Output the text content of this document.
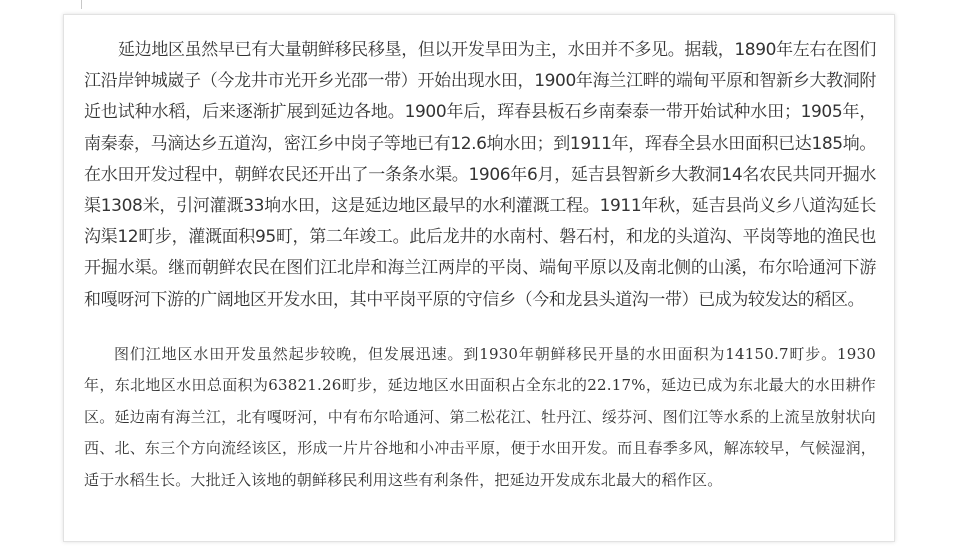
延边地区虽然早已有大量朝鲜移民移垦，但以开发旱田为主，水田并不多见。据载，1890年左右在图们江沿岸钟城崴子（今龙井市光开乡光邵一带）开始出现水田，1900年海兰江畔的端甸平原和智新乡大教洞附近也试种水稻，后来逐渐扩展到延边各地。1900年后，珲春县板石乡南秦泰一带开始试种水田；1905年，南秦泰，马滴达乡五道沟，密江乡中岗子等地已有12.6垧水田；到1911年，珲春全县水田面积已达185垧。在水田开发过程中，朝鲜农民还开出了一条条水渠。1906年6月，延吉县智新乡大教洞14名农民共同开掘水渠1308米，引河灌溉33垧水田，这是延边地区最早的水利灌溉工程。1911年秋，延吉县尚义乡八道沟延长沟渠12町步，灌溉面积95町，第二年竣工。此后龙井的水南村、磐石村，和龙的头道沟、平岗等地的渔民也开掘水渠。继而朝鲜农民在图们江北岸和海兰江两岸的平岗、端甸平原以及南北侧的山溪，布尔哈通河下游和嘎呀河下游的广阔地区开发水田，其中平岗平原的守信乡（今和龙县头道沟一带）已成为较发达的稻区。

图们江地区水田开发虽然起步较晚，但发展迅速。到1930年朝鲜移民开垦的水田面积为14150.7町步。1930年，东北地区水田总面积为63821.26町步，延边地区水田面积占全东北的22.17%，延边已成为东北最大的水田耕作区。延边南有海兰江，北有嘎呀河，中有布尔哈通河、第二松花江、牡丹江、绥芬河、图们江等水系的上流呈放射状向西、北、东三个方向流经该区，形成一片片谷地和小冲击平原，便于水田开发。而且春季多风，解冻较早，气候湿润，适于水稻生长。大批迁入该地的朝鲜移民利用这些有利条件，把延边开发成东北最大的稻作区。
